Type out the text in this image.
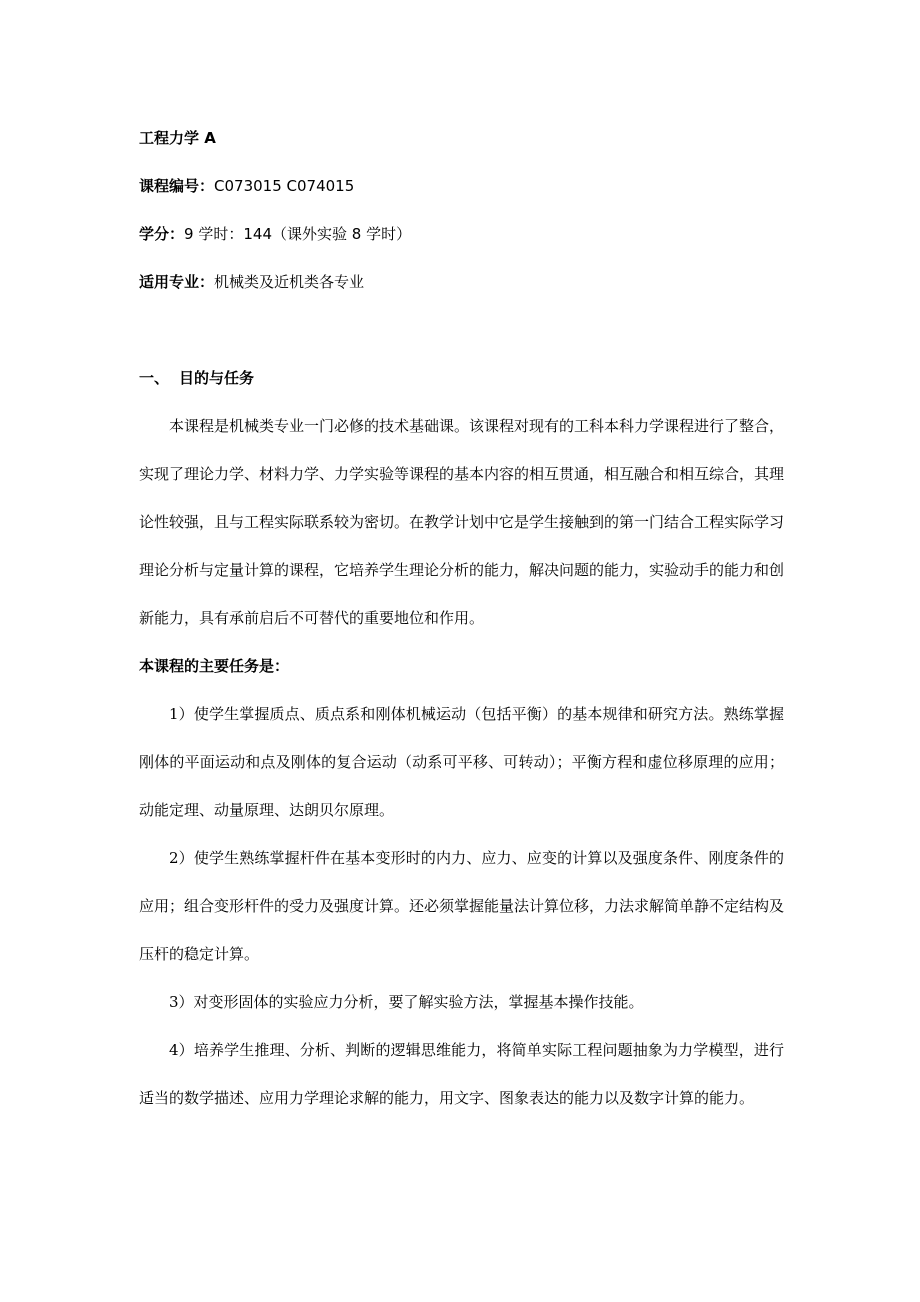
工程力学 A
课程编号：C073015 C074015
学分：9 学时：144（课外实验 8 学时）
适用专业：机械类及近机类各专业
一、 目的与任务

本课程是机械类专业一门必修的技术基础课。该课程对现有的工科本科力学课程进行了整合，实现了理论力学、材料力学、力学实验等课程的基本内容的相互贯通，相互融合和相互综合，其理论性较强，且与工程实际联系较为密切。在教学计划中它是学生接触到的第一门结合工程实际学习理论分析与定量计算的课程，它培养学生理论分析的能力，解决问题的能力，实验动手的能力和创新能力，具有承前启后不可替代的重要地位和作用。

本课程的主要任务是：

1）使学生掌握质点、质点系和刚体机械运动（包括平衡）的基本规律和研究方法。熟练掌握刚体的平面运动和点及刚体的复合运动（动系可平移、可转动）；平衡方程和虚位移原理的应用；动能定理、动量原理、达朗贝尔原理。

2）使学生熟练掌握杆件在基本变形时的内力、应力、应变的计算以及强度条件、刚度条件的应用；组合变形杆件的受力及强度计算。还必须掌握能量法计算位移，力法求解简单静不定结构及压杆的稳定计算。

3）对变形固体的实验应力分析，要了解实验方法，掌握基本操作技能。

4）培养学生推理、分析、判断的逻辑思维能力，将简单实际工程问题抽象为力学模型，进行适当的数学描述、应用力学理论求解的能力，用文字、图象表达的能力以及数字计算的能力。
